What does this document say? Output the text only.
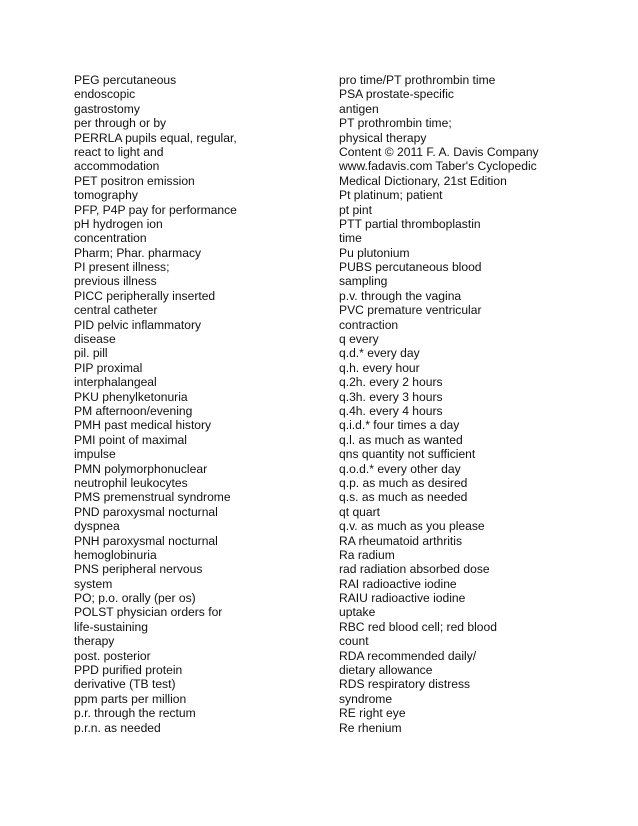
PEG percutaneous
endoscopic
gastrostomy
per through or by
PERRLA pupils equal, regular,
react to light and
accommodation
PET positron emission
tomography
PFP, P4P pay for performance
pH hydrogen ion
concentration
Pharm; Phar. pharmacy
PI present illness;
previous illness
PICC peripherally inserted
central catheter
PID pelvic inflammatory
disease
pil. pill
PIP proximal
interphalangeal
PKU phenylketonuria
PM afternoon/evening
PMH past medical history
PMI point of maximal
impulse
PMN polymorphonuclear
neutrophil leukocytes
PMS premenstrual syndrome
PND paroxysmal nocturnal
dyspnea
PNH paroxysmal nocturnal
hemoglobinuria
PNS peripheral nervous
system
PO; p.o. orally (per os)
POLST physician orders for
life-sustaining
therapy
post. posterior
PPD purified protein
derivative (TB test)
ppm parts per million
p.r. through the rectum
p.r.n. as needed
pro time/PT prothrombin time
PSA prostate-specific
antigen
PT prothrombin time;
physical therapy
Content © 2011 F. A. Davis Company
www.fadavis.com Taber's Cyclopedic
Medical Dictionary, 21st Edition
Pt platinum; patient
pt pint
PTT partial thromboplastin
time
Pu plutonium
PUBS percutaneous blood
sampling
p.v. through the vagina
PVC premature ventricular
contraction
q every
q.d.* every day
q.h. every hour
q.2h. every 2 hours
q.3h. every 3 hours
q.4h. every 4 hours
q.i.d.* four times a day
q.l. as much as wanted
qns quantity not sufficient
q.o.d.* every other day
q.p. as much as desired
q.s. as much as needed
qt quart
q.v. as much as you please
RA rheumatoid arthritis
Ra radium
rad radiation absorbed dose
RAI radioactive iodine
RAIU radioactive iodine
uptake
RBC red blood cell; red blood
count
RDA recommended daily/
dietary allowance
RDS respiratory distress
syndrome
RE right eye
Re rhenium
